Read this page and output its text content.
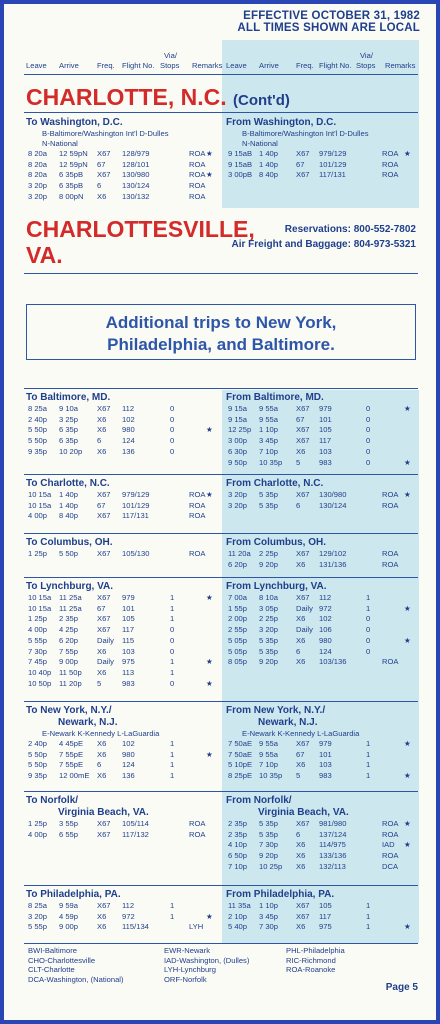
EFFECTIVE OCTOBER 31, 1982
ALL TIMES SHOWN ARE LOCAL
Leave Arrive Freq. Flight No. Stops Remarks
Via/
Leave Arrive Freq. Flight No. Stops Remarks
Via/
CHARLOTTE, N.C. (Cont'd)
CHARLOTTESVILLE,
VA.
Reservations: 800-552-7802
Air Freight and Baggage: 804-973-5321
Additional trips to New York,
Philadelphia, and Baltimore.
To Washington, D.C.
B-Baltimore/Washington Int'l D-Dulles
N-National
8 20a 12 59pN X67 128/979	ROA ★
8 20a 12 59pN 67 128/101	ROA
8 20a 6 35pB X67 130/980	ROA ★
3 20p 6 35pB 6	130/124	ROA
3 20p 8 00pN X6 130/132	ROA
From Washington, D.C.
B-Baltimore/Washington Int'l D-Dulles
N-National
9 15aB 1 40p X67 979/129	ROA ★
9 15aB 1 40p 67 101/129	ROA
3 00pB 8 40p X67 117/131	ROA
To Baltimore, MD.
8 25a 9 10a X67 112	0
2 40p 3 25p X6 102	0
5 50p 6 35p X6 980	0	★
5 50p 6 35p 6	124	0
9 35p 10 20p X6 136	0
From Baltimore, MD.
9 15a 9 55a X67 979	0	★
9 15a 9 55a 67 101	0
12 25p 1 10p X67 105	0
3 00p 3 45p X67 117	0
6 30p 7 10p X6 103	0
9 50p 10 35p 5 983	0	★
To Charlotte, N.C.
10 15a 1 40p X67 979/129	ROA ★
10 15a 1 40p 67 101/129	ROA
4 00p 8 40p X67 117/131	ROA
From Charlotte, N.C.
3 20p 5 35p X67 130/980	ROA ★
3 20p 5 35p 6 130/124	ROA
To Columbus, OH.
1 25p 5 50p X67 105/130	ROA
From Columbus, OH.
11 20a 2 25p X67 129/102	ROA
6 20p 9 20p X6 131/136	ROA
To Lynchburg, VA.
10 15a 11 25a X67 979	1	★
10 15a 11 25a 67 101	1
1 25p 2 35p X67 105	1
4 00p 4 25p X67 117	0
5 55p 6 20p Daily 115	0
7 30p 7 55p X6 103	0
7 45p 9 00p Daily 975	1	★
10 40p 11 50p X6 113	1
10 50p 11 20p 5	983	0	★
From Lynchburg, VA.
7 00a 8 10a X67 112	1
1 55p 3 05p Daily 972	1	★
2 00p 2 25p X6 102	0
2 55p 3 20p Daily 106	0
5 05p 5 35p X6 980	0	★
5 05p 5 35p 6 124	0
8 05p 9 20p X6 103/136	ROA
To New York, N.Y./
Newark, N.J.
E-Newark K-Kennedy L-LaGuardia
2 40p 4 45pE X6 102	1
5 50p 7 55pE X6 980	1	★
5 50p 7 55pE 6	124	1
9 35p 12 00mE X6 136	1
From New York, N.Y./
Newark, N.J.
E-Newark K-Kennedy L-LaGuardia
7 50aE 9 55a X67 979	1	★
7 50aE 9 55a 67 101	1
5 10pE 7 10p X6 103	1
8 25pE 10 35p 5 983	1	★
To Norfolk/
Virginia Beach, VA.
1 25p 3 55p X67 105/114	ROA
4 00p 6 55p X67 117/132	ROA
From Norfolk/
Virginia Beach, VA.
2 35p 5 35p X67 981/980	ROA ★
2 35p 5 35p 6 137/124	ROA
4 10p 7 30p X6 114/975	IAD ★
6 50p 9 20p X6 133/136	ROA
7 10p 10 25p X6 132/113	DCA
To Philadelphia, PA.
8 25a 9 59a X67 112	1
3 20p 4 59p X6 972	1	★
5 55p 9 00p X6 115/134	LYH
From Philadelphia, PA.
11 35a 1 10p X67 105	1
2 10p 3 45p X67 117	1
5 40p 7 30p X6 975	1	★
BWI-Baltimore
CHO-Charlottesville
CLT-Charlotte
DCA-Washington, (National)
EWR-Newark
IAD-Washington, (Dulles)
LYH-Lynchburg
ORF-Norfolk
PHL-Philadelphia
RIC-Richmond
ROA-Roanoke
Page 5
